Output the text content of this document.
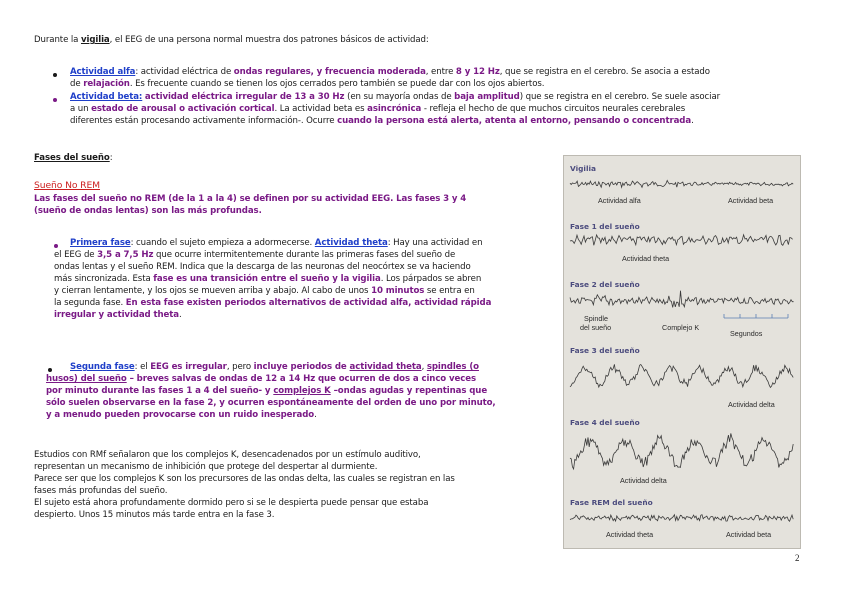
Durante la vigilia, el EEG de una persona normal muestra dos patrones básicos de actividad:
Actividad alfa: actividad eléctrica de ondas regulares, y frecuencia moderada, entre 8 y 12 Hz, que se registra en el cerebro. Se asocia a estado
de relajación. Es frecuente cuando se tienen los ojos cerrados pero también se puede dar con los ojos abiertos.
Actividad beta: actividad eléctrica irregular de 13 a 30 Hz (en su mayoría ondas de baja amplitud) que se registra en el cerebro. Se suele asociar
a un estado de arousal o activación cortical. La actividad beta es asincrónica - refleja el hecho de que muchos circuitos neurales cerebrales
diferentes están procesando activamente información-. Ocurre cuando la persona está alerta, atenta al entorno, pensando o concentrada.
Fases del sueño:
Sueño No REM
Las fases del sueño no REM (de la 1 a la 4) se definen por su actividad EEG. Las fases 3 y 4
(sueño de ondas lentas) son las más profundas.
Primera fase: cuando el sujeto empieza a adormecerse. Actividad theta: Hay una actividad en
el EEG de 3,5 a 7,5 Hz que ocurre intermitentemente durante las primeras fases del sueño de
ondas lentas y el sueño REM. Indica que la descarga de las neuronas del neocórtex se va haciendo
más sincronizada. Esta fase es una transición entre el sueño y la vigilia. Los párpados se abren
y cierran lentamente, y los ojos se mueven arriba y abajo. Al cabo de unos 10 minutos se entra en
la segunda fase. En esta fase existen periodos alternativos de actividad alfa, actividad rápida
irregular y actividad theta.
Segunda fase: el EEG es irregular, pero incluye periodos de actividad theta, spindles (o
husos) del sueño – breves salvas de ondas de 12 a 14 Hz que ocurren de dos a cinco veces
por minuto durante las fases 1 a 4 del sueño- y complejos K –ondas agudas y repentinas que
sólo suelen observarse en la fase 2, y ocurren espontáneamente del orden de uno por minuto,
y a menudo pueden provocarse con un ruido inesperado.
Estudios con RMf señalaron que los complejos K, desencadenados por un estímulo auditivo,
representan un mecanismo de inhibición que protege del despertar al durmiente.
Parece ser que los complejos K son los precursores de las ondas delta, las cuales se registran en las
fases más profundas del sueño.
El sujeto está ahora profundamente dormido pero si se le despierta puede pensar que estaba
despierto. Unos 15 minutos más tarde entra en la fase 3.
Vigilia
Actividad alfa	Actividad beta
Fase 1 del sueño
Actividad theta
Fase 2 del sueño
Spindle
del sueño	Complejo K
Segundos
Fase 3 del sueño
Actividad delta
Fase 4 del sueño
Actividad delta
Fase REM del sueño
Actividad theta	Actividad beta
2
